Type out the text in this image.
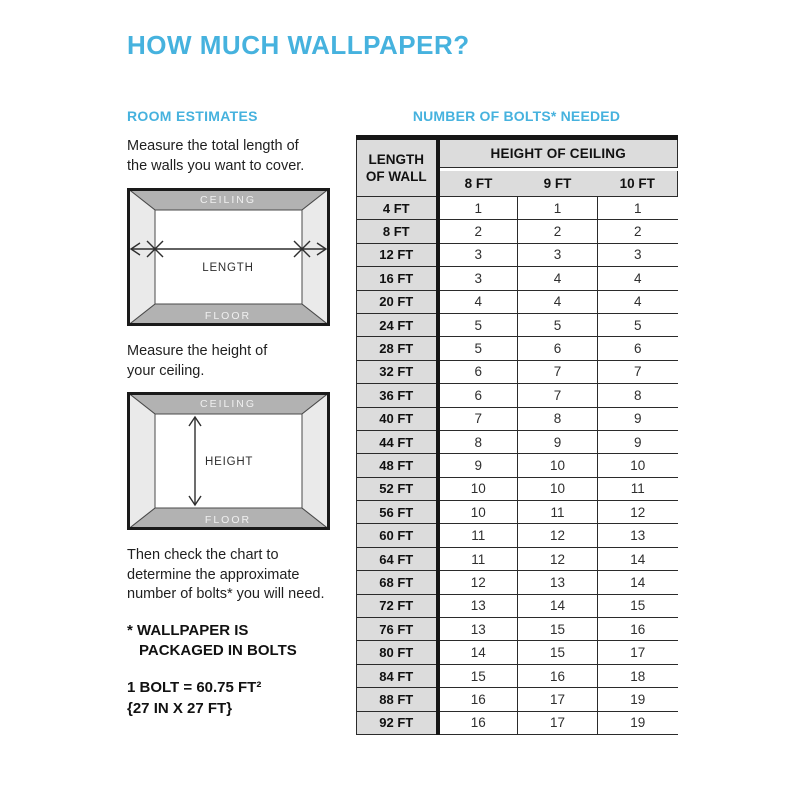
HOW MUCH WALLPAPER?
ROOM ESTIMATES
Measure the total length of
the walls you want to cover.
CEILING
FLOOR
LENGTH
Measure the height of
your ceiling.
CEILING
FLOOR
HEIGHT
Then check the chart to
determine the approximate
number of bolts* you will need.
* WALLPAPER IS
PACKAGED IN BOLTS
1 BOLT = 60.75 FT²
{27 IN X 27 FT}
NUMBER OF BOLTS* NEEDED
LENGTH
OF WALL	HEIGHT OF CEILING		

	8 FT	9 FT	10 FT
4 FT	1	1	1
8 FT	2	2	2
12 FT	3	3	3
16 FT	3	4	4
20 FT	4	4	4
24 FT	5	5	5
28 FT	5	6	6
32 FT	6	7	7
36 FT	6	7	8
40 FT	7	8	9
44 FT	8	9	9
48 FT	9	10	10
52 FT	10	10	11
56 FT	10	11	12
60 FT	11	12	13
64 FT	11	12	14
68 FT	12	13	14
72 FT	13	14	15
76 FT	13	15	16
80 FT	14	15	17
84 FT	15	16	18
88 FT	16	17	19
92 FT	16	17	19
